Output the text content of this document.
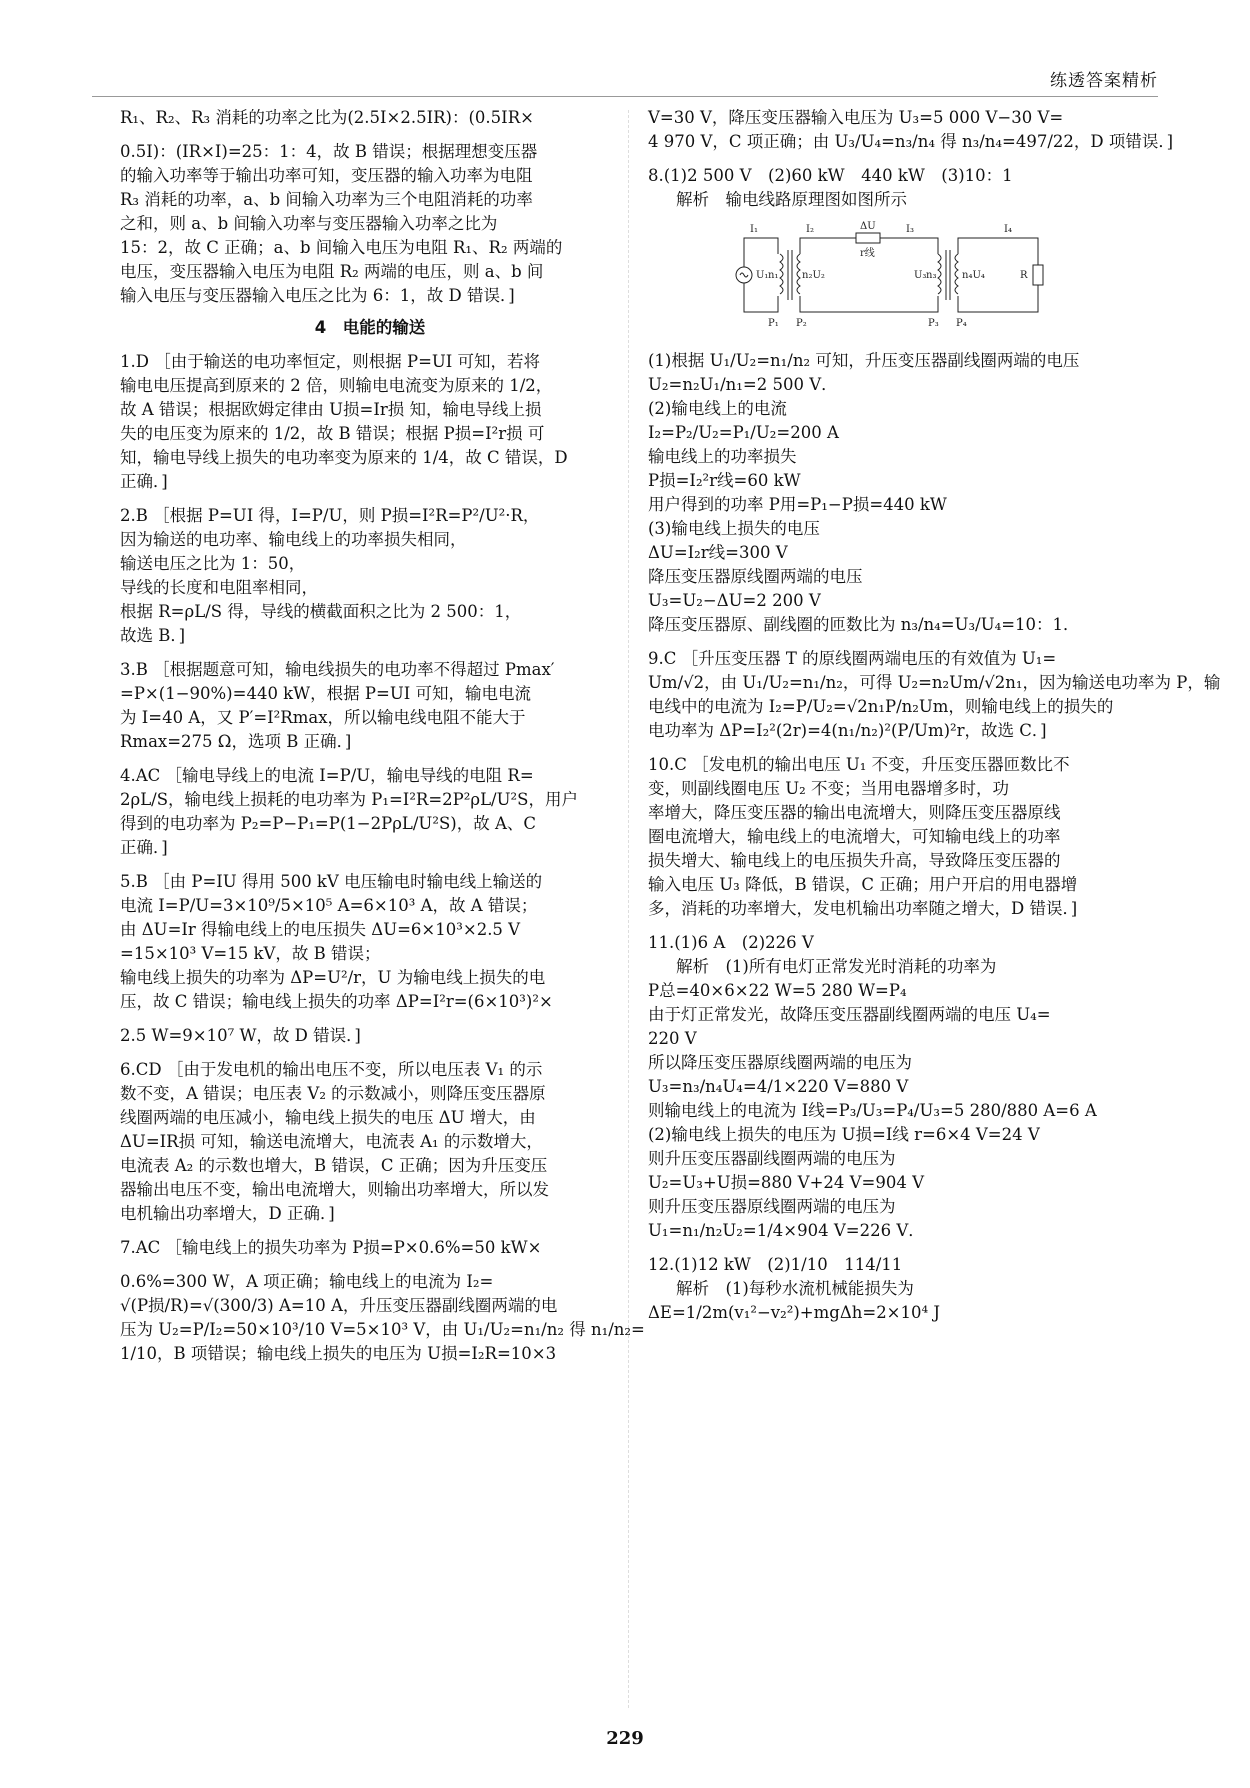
练透答案精析
R₁、R₂、R₃ 消耗的功率之比为(2.5I×2.5IR)：(0.5IR×
0.5I)：(IR×I)=25：1：4，故 B 错误；根据理想变压器
的输入功率等于输出功率可知，变压器的输入功率为电阻
R₃ 消耗的功率，a、b 间输入功率为三个电阻消耗的功率
之和，则 a、b 间输入功率与变压器输入功率之比为
15：2，故 C 正确；a、b 间输入电压为电阻 R₁、R₂ 两端的
电压，变压器输入电压为电阻 R₂ 两端的电压，则 a、b 间
输入电压与变压器输入电压之比为 6：1，故 D 错误．]
4　电能的输送
1.D ［由于输送的电功率恒定，则根据 P=UI 可知，若将
输电电压提高到原来的 2 倍，则输电电流变为原来的 1/2，
故 A 错误；根据欧姆定律由 U损=Ir损 知，输电导线上损
失的电压变为原来的 1/2，故 B 错误；根据 P损=I²r损 可
知，输电导线上损失的电功率变为原来的 1/4，故 C 错误，D
正确．]
2.B ［根据 P=UI 得，I=P/U，则 P损=I²R=P²/U²·R，
因为输送的电功率、输电线上的功率损失相同，
输送电压之比为 1：50，
导线的长度和电阻率相同，
根据 R=ρL/S 得，导线的横截面积之比为 2 500：1，
故选 B．]
3.B ［根据题意可知，输电线损失的电功率不得超过 Pmax′
=P×(1−90%)=440 kW，根据 P=UI 可知，输电电流
为 I=40 A，又 P′=I²Rmax，所以输电线电阻不能大于
Rmax=275 Ω，选项 B 正确．]
4.AC ［输电导线上的电流 I=P/U，输电导线的电阻 R=
2ρL/S，输电线上损耗的电功率为 P₁=I²R=2P²ρL/U²S，用户
得到的电功率为 P₂=P−P₁=P(1−2PρL/U²S)，故 A、C
正确．]
5.B ［由 P=IU 得用 500 kV 电压输电时输电线上输送的
电流 I=P/U=3×10⁹/5×10⁵ A=6×10³ A，故 A 错误；
由 ΔU=Ir 得输电线上的电压损失 ΔU=6×10³×2.5 V
=15×10³ V=15 kV，故 B 错误；
输电线上损失的功率为 ΔP=U²/r，U 为输电线上损失的电
压，故 C 错误；输电线上损失的功率 ΔP=I²r=(6×10³)²×
2.5 W=9×10⁷ W，故 D 错误．]
6.CD ［由于发电机的输出电压不变，所以电压表 V₁ 的示
数不变，A 错误；电压表 V₂ 的示数减小，则降压变压器原
线圈两端的电压减小，输电线上损失的电压 ΔU 增大，由
ΔU=IR损 可知，输送电流增大，电流表 A₁ 的示数增大，
电流表 A₂ 的示数也增大，B 错误，C 正确；因为升压变压
器输出电压不变，输出电流增大，则输出功率增大，所以发
电机输出功率增大，D 正确．]
7.AC ［输电线上的损失功率为 P损=P×0.6%=50 kW×
0.6%=300 W，A 项正确；输电线上的电流为 I₂=
√(P损/R)=√(300/3) A=10 A，升压变压器副线圈两端的电
压为 U₂=P/I₂=50×10³/10 V=5×10³ V，由 U₁/U₂=n₁/n₂ 得 n₁/n₂=
1/10，B 项错误；输电线上损失的电压为 U损=I₂R=10×3
V=30 V，降压变压器输入电压为 U₃=5 000 V−30 V=
4 970 V，C 项正确；由 U₃/U₄=n₃/n₄ 得 n₃/n₄=497/22，D 项错误．]
8.(1)2 500 V　(2)60 kW　440 kW　(3)10：1
解析　输电线路原理图如图所示
I₁	I₂	ΔU
r线
I₃	I₄
U₁ n₁ n₂U₂	U₃ n₃	n₄U₄	R
P₁ P₂	P₃ P₄
(1)根据 U₁/U₂=n₁/n₂ 可知，升压变压器副线圈两端的电压
U₂=n₂U₁/n₁=2 500 V．
(2)输电线上的电流
I₂=P₂/U₂=P₁/U₂=200 A
输电线上的功率损失
P损=I₂²r线=60 kW
用户得到的功率 P用=P₁−P损=440 kW
(3)输电线上损失的电压
ΔU=I₂r线=300 V
降压变压器原线圈两端的电压
U₃=U₂−ΔU=2 200 V
降压变压器原、副线圈的匝数比为 n₃/n₄=U₃/U₄=10：1．
9.C ［升压变压器 T 的原线圈两端电压的有效值为 U₁=
Um/√2，由 U₁/U₂=n₁/n₂，可得 U₂=n₂Um/√2n₁，因为输送电功率为 P，输
电线中的电流为 I₂=P/U₂=√2n₁P/n₂Um，则输电线上的损失的
电功率为 ΔP=I₂²(2r)=4(n₁/n₂)²(P/Um)²r，故选 C．]
10.C ［发电机的输出电压 U₁ 不变，升压变压器匝数比不
变，则副线圈电压 U₂ 不变；当用电器增多时，功
率增大，降压变压器的输出电流增大，则降压变压器原线
圈电流增大，输电线上的电流增大，可知输电线上的功率
损失增大、输电线上的电压损失升高，导致降压变压器的
输入电压 U₃ 降低，B 错误，C 正确；用户开启的用电器增
多，消耗的功率增大，发电机输出功率随之增大，D 错误．]
11.(1)6 A　(2)226 V
解析　(1)所有电灯正常发光时消耗的功率为
P总=40×6×22 W=5 280 W=P₄
由于灯正常发光，故降压变压器副线圈两端的电压 U₄=
220 V
所以降压变压器原线圈两端的电压为
U₃=n₃/n₄U₄=4/1×220 V=880 V
则输电线上的电流为 I线=P₃/U₃=P₄/U₃=5 280/880 A=6 A
(2)输电线上损失的电压为 U损=I线 r=6×4 V=24 V
则升压变压器副线圈两端的电压为
U₂=U₃+U损=880 V+24 V=904 V
则升压变压器原线圈两端的电压为
U₁=n₁/n₂U₂=1/4×904 V=226 V．
12.(1)12 kW　(2)1/10　114/11
解析　(1)每秒水流机械能损失为
ΔE=1/2m(v₁²−v₂²)+mgΔh=2×10⁴ J
229
